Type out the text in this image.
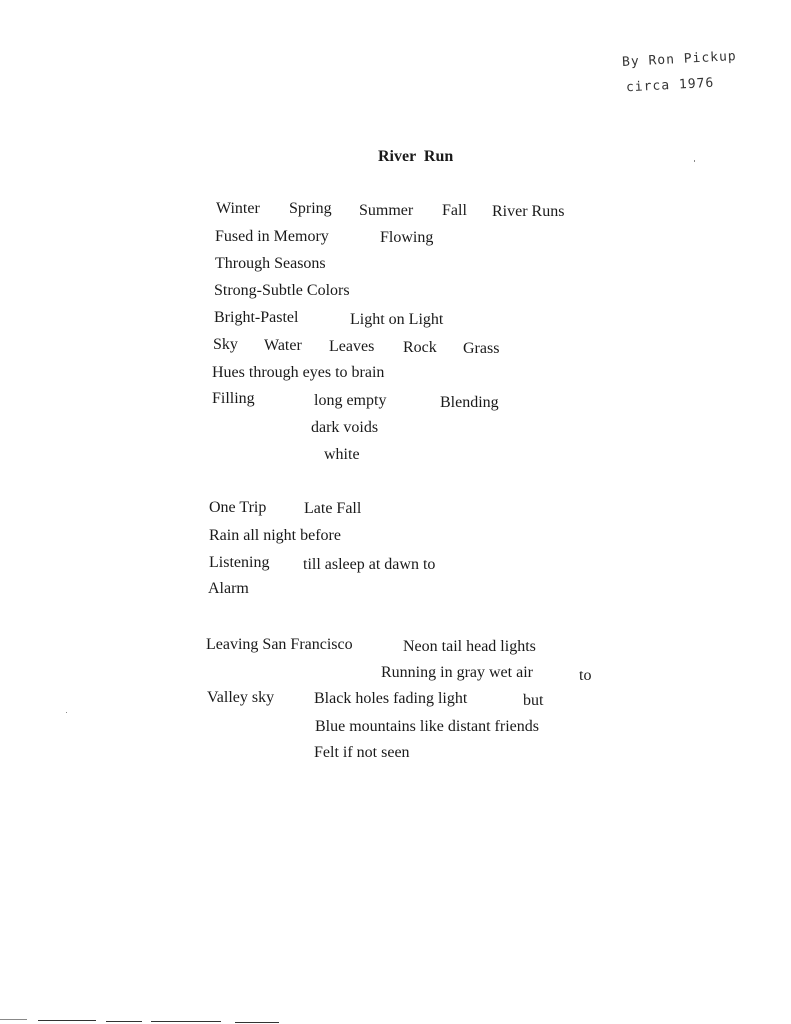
By Ron Pickup
circa 1976
River Run
Winter Spring Summer Fall River Runs
Fused in Memory	Flowing
Through Seasons
Strong-Subtle Colors
Bright-Pastel	Light on Light
Sky Water Leaves Rock Grass
Hues through eyes to brain
Filling	long empty	Blending
dark voids
white
One Trip Late Fall
Rain all night before
Listening till asleep at dawn to
Alarm
Leaving San Francisco	Neon tail head lights
Running in gray wet air	to
Valley sky Black holes fading light	but
Blue mountains like distant friends
Felt if not seen
